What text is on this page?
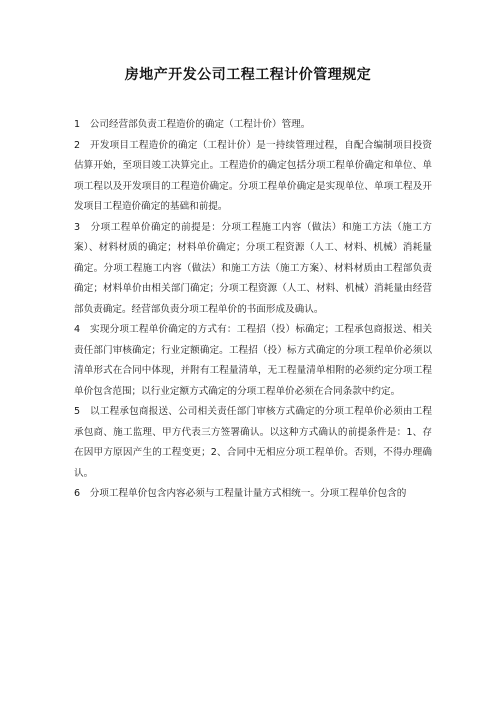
房地产开发公司工程工程计价管理规定

1　公司经营部负责工程造价的确定（工程计价）管理。

2　开发项目工程造价的确定（工程计价）是一持续管理过程，自配合编制项目投资估算开始，至项目竣工决算完止。工程造价的确定包括分项工程单价确定和单位、单项工程以及开发项目的工程造价确定。分项工程单价确定是实现单位、单项工程及开发项目工程造价确定的基础和前提。

3　分项工程单价确定的前提是：分项工程施工内容（做法）和施工方法（施工方案）、材料材质的确定；材料单价确定；分项工程资源（人工、材料、机械）消耗量确定。分项工程施工内容（做法）和施工方法（施工方案）、材料材质由工程部负责确定；材料单价由相关部门确定；分项工程资源（人工、材料、机械）消耗量由经营部负责确定。经营部负责分项工程单价的书面形成及确认。

4　实现分项工程单价确定的方式有：工程招（投）标确定；工程承包商报送、相关责任部门审核确定；行业定额确定。工程招（投）标方式确定的分项工程单价必须以清单形式在合同中体现，并附有工程量清单，无工程量清单相附的必须约定分项工程单价包含范围；以行业定额方式确定的分项工程单价必须在合同条款中约定。

5　以工程承包商报送、公司相关责任部门审核方式确定的分项工程单价必须由工程承包商、施工监理、甲方代表三方签署确认。以这种方式确认的前提条件是：1、存在因甲方原因产生的工程变更；2、合同中无相应分项工程单价。否则，不得办理确认。

6　分项工程单价包含内容必须与工程量计量方式相统一。分项工程单价包含的
